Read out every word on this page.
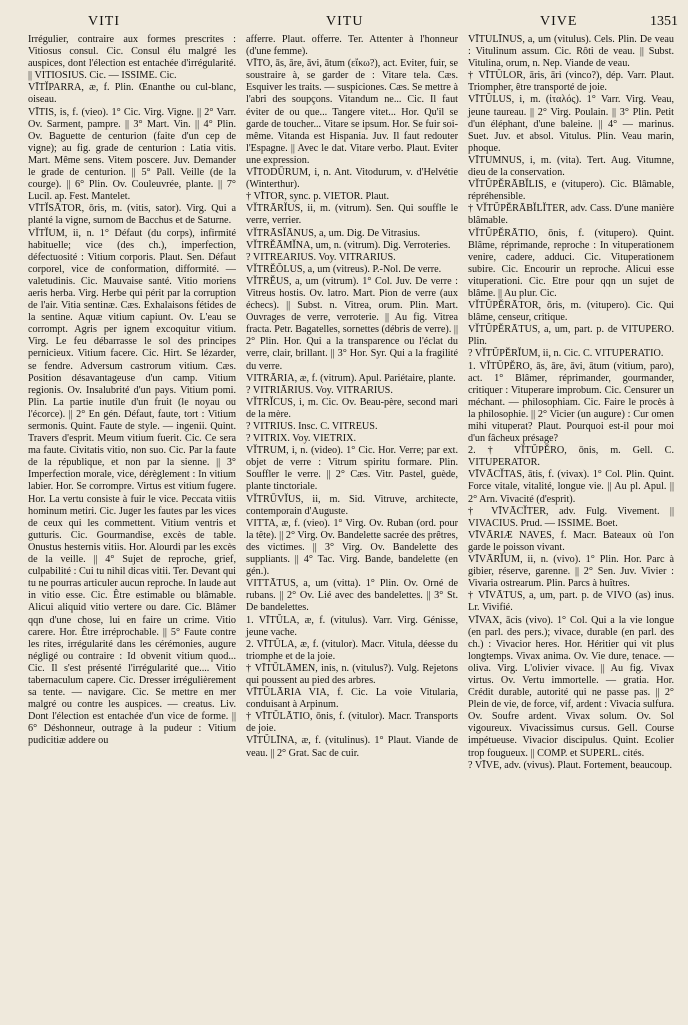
VITI	VITU	VIVE	1351

Irrégulier, contraire aux formes prescrites : Vitiosus consul. Cic. Consul élu malgré les auspices, dont l'élection est entachée d'irrégularité. || VITIOSIUS. Cic. — ISSIME. Cic.

VĪTĬPARRA, æ, f. Plin. Œnanthe ou cul-blanc, oiseau.

VĪTIS, is, f. (vieo). 1° Cic. Virg. Vigne. || 2° Varr. Ov. Sarment, pampre. || 3° Mart. Vin. || 4° Plin. Ov. Baguette de centurion (faite d'un cep de vigne); au fig. grade de centurion : Latia vitis. Mart. Même sens. Vitem poscere. Juv. Demander le grade de centurion. || 5° Pall. Veille (de la courge). || 6° Plin. Ov. Couleuvrée, plante. || 7° Lucil. ap. Fest. Mantelet.

VĪTĬSĀTOR, ōris, m. (vitis, sator). Virg. Qui a planté la vigne, surnom de Bacchus et de Saturne.

VĬTĬUM, ii, n. 1° Défaut (du corps), infirmité habituelle; vice (des ch.), imperfection, défectuosité : Vitium corporis. Plaut. Sen. Défaut corporel, vice de conformation, difformité. — valetudinis. Cic. Mauvaise santé. Vitio moriens aeris herba. Virg. Herbe qui périt par la corruption de l'air. Vitia sentinæ. Cæs. Exhalaisons fétides de la sentine. Aquæ vitium capiunt. Ov. L'eau se corrompt. Agris per ignem excoquitur vitium. Virg. Le feu débarrasse le sol des principes pernicieux. Vitium facere. Cic. Hirt. Se lézarder, se fendre. Adversum castrorum vitium. Cæs. Position désavantageuse d'un camp. Vitium regionis. Ov. Insalubrité d'un pays. Vitium pomi. Plin. La partie inutile d'un fruit (le noyau ou l'écorce). || 2° En gén. Défaut, faute, tort : Vitium sermonis. Quint. Faute de style. — ingenii. Quint. Travers d'esprit. Meum vitium fuerit. Cic. Ce sera ma faute. Civitatis vitio, non suo. Cic. Par la faute de la république, et non par la sienne. || 3° Imperfection morale, vice, dérèglement : In vitium labier. Hor. Se corrompre. Virtus est vitium fugere. Hor. La vertu consiste à fuir le vice. Peccata vitiis hominum metiri. Cic. Juger les fautes par les vices de ceux qui les commettent. Vitium ventris et gutturis. Cic. Gourmandise, excès de table. Onustus hesternis vitiis. Hor. Alourdi par les excès de la veille. || 4° Sujet de reproche, grief, culpabilité : Cui tu nihil dicas vitii. Ter. Devant qui tu ne pourras articuler aucun reproche. In laude aut in vitio esse. Cic. Être estimable ou blâmable. Alicui aliquid vitio vertere ou dare. Cic. Blâmer qqn d'une chose, lui en faire un crime. Vitio carere. Hor. Être irréprochable. || 5° Faute contre les rites, irrégularité dans les cérémonies, augure négligé ou contraire : Id obvenit vitium quod... Cic. Il s'est présenté l'irrégularité que.... Vitio tabernaculum capere. Cic. Dresser irrégulièrement sa tente. — navigare. Cic. Se mettre en mer malgré ou contre les auspices. — creatus. Liv. Dont l'élection est entachée d'un vice de forme. || 6° Déshonneur, outrage à la pudeur : Vitium pudicitiæ addere ou

afferre. Plaut. offerre. Ter. Attenter à l'honneur (d'une femme).

VĪTO, ās, āre, āvi, ātum (εἴκω?), act. Eviter, fuir, se soustraire à, se garder de : Vitare tela. Cæs. Esquiver les traits. — suspiciones. Cæs. Se mettre à l'abri des soupçons. Vitandum ne... Cic. Il faut éviter de ou que... Tangere vitet... Hor. Qu'il se garde de toucher... Vitare se ipsum. Hor. Se fuir soi-même. Vitanda est Hispania. Juv. Il faut redouter l'Espagne. || Avec le dat. Vitare verbo. Plaut. Eviter une expression.

VĪTODŪRUM, i, n. Ant. Vitodurum, v. d'Helvétie (Winterthur).

† VĪTOR, sync. p. VIETOR. Plaut.

VĬTRĀRĬUS, ii, m. (vitrum). Sen. Qui souffle le verre, verrier.

VĬTRĀSĬĀNUS, a, um. Dig. De Vitrasius.

VĬTRĔĀMĬNA, um, n. (vitrum). Dig. Verroteries.

? VITREARIUS. Voy. VITRARIUS.

VĬTRĔŎLUS, a, um (vitreus). P.-Nol. De verre.

VĬTRĔUS, a, um (vitrum). 1° Col. Juv. De verre : Vitreus hostis. Ov. latro. Mart. Pion de verre (aux échecs). || Subst. n. Vitrea, orum. Plin. Mart. Ouvrages de verre, verroterie. || Au fig. Vitrea fracta. Petr. Bagatelles, sornettes (débris de verre). || 2° Plin. Hor. Qui a la transparence ou l'éclat du verre, clair, brillant. || 3° Hor. Syr. Qui a la fragilité du verre.

VITRĀRIA, æ, f. (vitrum). Apul. Pariétaire, plante.

? VITRIĀRIUS. Voy. VITRARIUS.

VĬTRĬCUS, i, m. Cic. Ov. Beau-père, second mari de la mère.

? VITRIUS. Insc. C. VITREUS.

? VITRIX. Voy. VIETRIX.

VĬTRUM, i, n. (video). 1° Cic. Hor. Verre; par ext. objet de verre : Vitrum spiritu formare. Plin. Souffler le verre. || 2° Cæs. Vitr. Pastel, guède, plante tinctoriale.

VĬTRŪVĬUS, ii, m. Sid. Vitruve, architecte, contemporain d'Auguste.

VITTA, æ, f. (vieo). 1° Virg. Ov. Ruban (ord. pour la tête). || 2° Virg. Ov. Bandelette sacrée des prêtres, des victimes. || 3° Virg. Ov. Bandelette des suppliants. || 4° Tac. Virg. Bande, bandelette (en gén.).

VITTĀTUS, a, um (vitta). 1° Plin. Ov. Orné de rubans. || 2° Ov. Lié avec des bandelettes. || 3° St. De bandelettes.

1. VĪTŬLA, æ, f. (vitulus). Varr. Virg. Génisse, jeune vache.

2. VĪTŬLA, æ, f. (vitulor). Macr. Vitula, déesse du triomphe et de la joie.

† VĪTŬLĀMEN, inis, n. (vitulus?). Vulg. Rejetons qui poussent au pied des arbres.

VĪTŬLĀRIA VIA, f. Cic. La voie Vitularia, conduisant à Arpinum.

† VĪTŬLĀTIO, ōnis, f. (vitulor). Macr. Transports de joie.

VĪTŬLĪNA, æ, f. (vitulinus). 1° Plaut. Viande de veau. || 2° Grat. Sac de cuir.

VĪTŬLĪNUS, a, um (vitulus). Cels. Plin. De veau : Vitulinum assum. Cic. Rôti de veau. || Subst. Vitulina, orum, n. Nep. Viande de veau.

† VĪTŬLOR, āris, āri (vinco?), dép. Varr. Plaut. Triompher, être transporté de joie.

VĪTŬLUS, i, m. (ἰταλός). 1° Varr. Virg. Veau, jeune taureau. || 2° Virg. Poulain. || 3° Plin. Petit d'un éléphant, d'une baleine. || 4° — marinus. Suet. Juv. et absol. Vitulus. Plin. Veau marin, phoque.

VĪTUMNUS, i, m. (vita). Tert. Aug. Vitumne, dieu de la conservation.

VĬTŬPĔRĀBĬLIS, e (vitupero). Cic. Blâmable, répréhensible.

† VĬTŬPĔRĀBĬLĬTER, adv. Cass. D'une manière blâmable.

VĬTŬPĔRĀTIO, ōnis, f. (vitupero). Quint. Blâme, réprimande, reproche : In vituperationem venire, cadere, adduci. Cic. Vituperationem subire. Cic. Encourir un reproche. Alicui esse vituperationi. Cic. Etre pour qqn un sujet de blâme. || Au plur. Cic.

VĬTŬPĔRĀTOR, ōris, m. (vitupero). Cic. Qui blâme, censeur, critique.

VĬTŬPĔRĀTUS, a, um, part. p. de VITUPERO. Plin.

? VĬTŬPĔRĬUM, ii, n. Cic. C. VITUPERATIO.

1. VĬTŬPĔRO, ās, āre, āvi, ātum (vitium, paro), act. 1° Blâmer, réprimander, gourmander, critiquer : Vituperare improbum. Cic. Censurer un méchant. — philosophiam. Cic. Faire le procès à la philosophie. || 2° Vicier (un augure) : Cur omen mihi vituperat? Plaut. Pourquoi est-il pour moi d'un fâcheux présage?

2. † VĬTŬPĔRO, ōnis, m. Gell. C. VITUPERATOR.

VĪVĀCĬTAS, ātis, f. (vivax). 1° Col. Plin. Quint. Force vitale, vitalité, longue vie. || Au pl. Apul. || 2° Arn. Vivacité (d'esprit).

† VĪVĀCĬTER, adv. Fulg. Vivement. || VIVACIUS. Prud. — ISSIME. Boet.

VĪVĀRIÆ NAVES, f. Macr. Bateaux où l'on garde le poisson vivant.

VĪVĀRĬUM, ii, n. (vivo). 1° Plin. Hor. Parc à gibier, réserve, garenne. || 2° Sen. Juv. Vivier : Vivaria ostrearum. Plin. Parcs à huîtres.

† VĪVĀTUS, a, um, part. p. de VIVO (as) inus. Lr. Vivifié.

VĪVAX, ācis (vivo). 1° Col. Qui a la vie longue (en parl. des pers.); vivace, durable (en parl. des ch.) : Vivacior heres. Hor. Héritier qui vit plus longtemps. Vivax anima. Ov. Vie dure, tenace. — oliva. Virg. L'olivier vivace. || Au fig. Vivax virtus. Ov. Vertu immortelle. — gratia. Hor. Crédit durable, autorité qui ne passe pas. || 2° Plein de vie, de force, vif, ardent : Vivacia sulfura. Ov. Soufre ardent. Vivax solum. Ov. Sol vigoureux. Vivacissimus cursus. Gell. Course impétueuse. Vivacior discipulus. Quint. Ecolier trop fougueux. || COMP. et SUPERL. cités.

? VĪVE, adv. (vivus). Plaut. Fortement, beaucoup.
